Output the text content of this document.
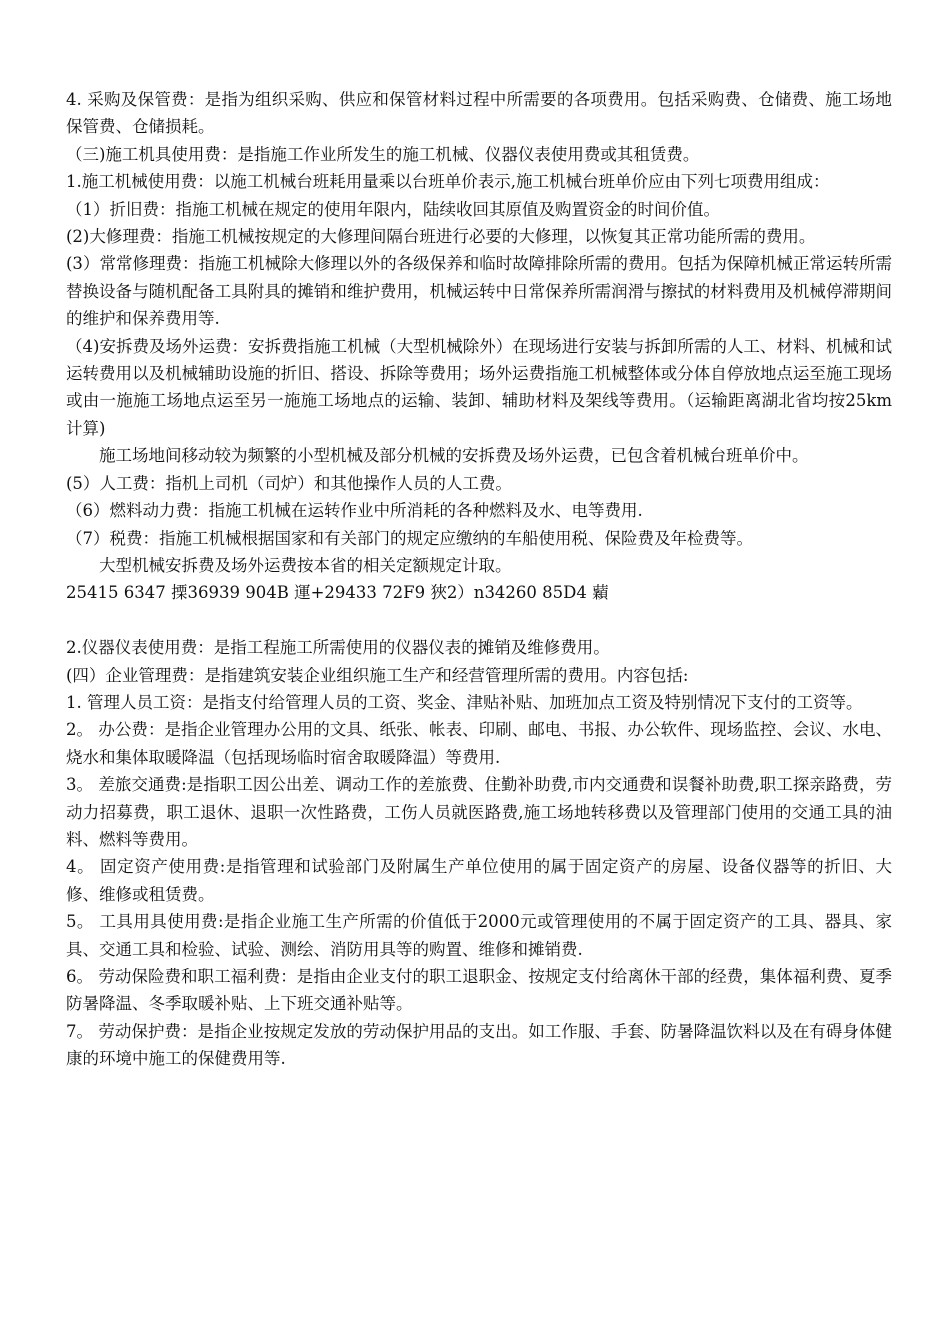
4. 采购及保管费：是指为组织采购、供应和保管材料过程中所需要的各项费用。包括采购费、仓储费、施工场地保管费、仓储损耗。

（三)施工机具使用费：是指施工作业所发生的施工机械、仪器仪表使用费或其租赁费。

1.施工机械使用费：以施工机械台班耗用量乘以台班单价表示,施工机械台班单价应由下列七项费用组成：

（1）折旧费：指施工机械在规定的使用年限内，陆续收回其原值及购置资金的时间价值。

(2)大修理费：指施工机械按规定的大修理间隔台班进行必要的大修理，以恢复其正常功能所需的费用。

(3）常常修理费：指施工机械除大修理以外的各级保养和临时故障排除所需的费用。包括为保障机械正常运转所需替换设备与随机配备工具附具的摊销和维护费用，机械运转中日常保养所需润滑与擦拭的材料费用及机械停滞期间的维护和保养费用等.

（4)安拆费及场外运费：安拆费指施工机械（大型机械除外）在现场进行安装与拆卸所需的人工、材料、机械和试运转费用以及机械辅助设施的折旧、搭设、拆除等费用；场外运费指施工机械整体或分体自停放地点运至施工现场或由一施施工场地点运至另一施施工场地点的运输、装卸、辅助材料及架线等费用。（运输距离湖北省均按25km计算)

　　施工场地间移动较为频繁的小型机械及部分机械的安拆费及场外运费，已包含着机械台班单价中。

(5）人工费：指机上司机（司炉）和其他操作人员的人工费。

（6）燃料动力费：指施工机械在运转作业中所消耗的各种燃料及水、电等费用.

（7）税费：指施工机械根据国家和有关部门的规定应缴纳的车船使用税、保险费及年检费等。

　　大型机械安拆费及场外运费按本省的相关定额规定计取。

25415 6347 搮36939 904B 運+29433 72F9 狹2）n34260 85D4 蘔

2.仪器仪表使用费：是指工程施工所需使用的仪器仪表的摊销及维修费用。

(四）企业管理费：是指建筑安装企业组织施工生产和经营管理所需的费用。内容包括:

1. 管理人员工资：是指支付给管理人员的工资、奖金、津贴补贴、加班加点工资及特别情况下支付的工资等。

2。 办公费：是指企业管理办公用的文具、纸张、帐表、印刷、邮电、书报、办公软件、现场监控、会议、水电、烧水和集体取暖降温（包括现场临时宿舍取暖降温）等费用.

3。 差旅交通费:是指职工因公出差、调动工作的差旅费、住勤补助费,市内交通费和误餐补助费,职工探亲路费，劳动力招募费，职工退休、退职一次性路费，工伤人员就医路费,施工场地转移费以及管理部门使用的交通工具的油料、燃料等费用。

4。 固定资产使用费:是指管理和试验部门及附属生产单位使用的属于固定资产的房屋、设备仪器等的折旧、大修、维修或租赁费。

5。 工具用具使用费:是指企业施工生产所需的价值低于2000元或管理使用的不属于固定资产的工具、器具、家具、交通工具和检验、试验、测绘、消防用具等的购置、维修和摊销费.

6。 劳动保险费和职工福利费：是指由企业支付的职工退职金、按规定支付给离休干部的经费，集体福利费、夏季防暑降温、冬季取暖补贴、上下班交通补贴等。

7。 劳动保护费：是指企业按规定发放的劳动保护用品的支出。如工作服、手套、防暑降温饮料以及在有碍身体健康的环境中施工的保健费用等.
